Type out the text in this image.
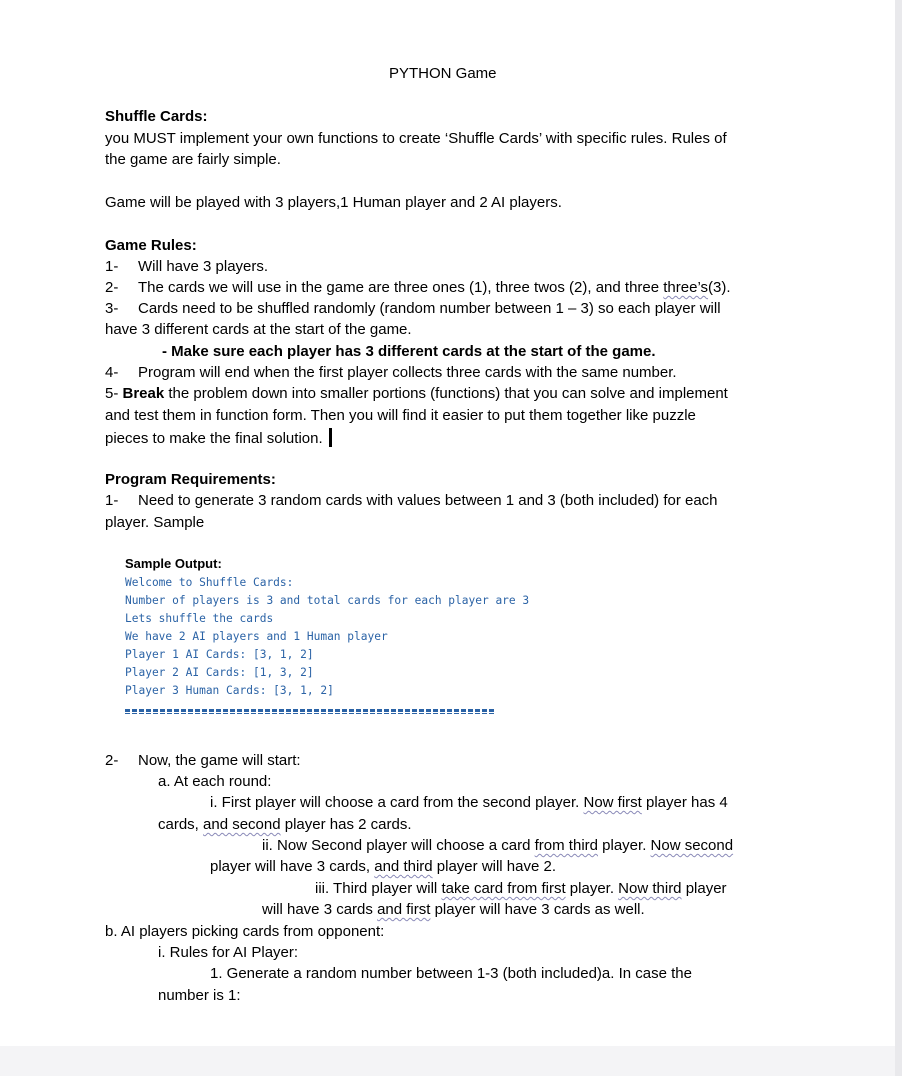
PYTHON Game
Shuffle Cards:
you MUST implement your own functions to create ‘Shuffle Cards’ with specific rules. Rules of
the game are fairly simple.
Game will be played with 3 players,1 Human player and 2 AI players.
Game Rules:
1- Will have 3 players.
2- The cards we will use in the game are three ones (1), three twos (2), and three three’s(3).
3- Cards need to be shuffled randomly (random number between 1 – 3) so each player will
have 3 different cards at the start of the game.
- Make sure each player has 3 different cards at the start of the game.
4- Program will end when the first player collects three cards with the same number.
5- Break the problem down into smaller portions (functions) that you can solve and implement
and test them in function form. Then you will find it easier to put them together like puzzle
pieces to make the final solution.
Program Requirements:
1- Need to generate 3 random cards with values between 1 and 3 (both included) for each
player. Sample
Sample Output:
Welcome to Shuffle Cards:
Number of players is 3 and total cards for each player are 3
Lets shuffle the cards
We have 2 AI players and 1 Human player
Player 1 AI Cards: [3, 1, 2]
Player 2 AI Cards: [1, 3, 2]
Player 3 Human Cards: [3, 1, 2]
2- Now, the game will start:
a. At each round:
i. First player will choose a card from the second player. Now first player has 4
cards, and second player has 2 cards.
ii. Now Second player will choose a card from third player. Now second
player will have 3 cards, and third player will have 2.
iii. Third player will take card from first player. Now third player
will have 3 cards and first player will have 3 cards as well.
b. AI players picking cards from opponent:
i. Rules for AI Player:
1. Generate a random number between 1-3 (both included)a. In case the
number is 1:
